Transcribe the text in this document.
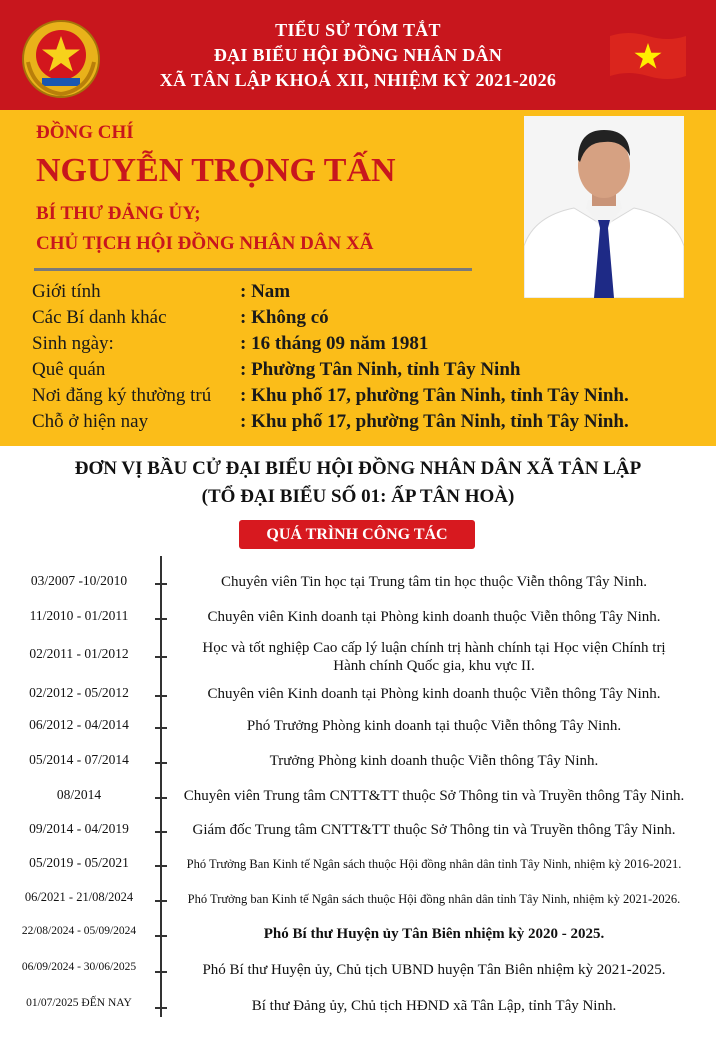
TIỂU SỬ TÓM TẮT
ĐẠI BIỂU HỘI ĐỒNG NHÂN DÂN
XÃ TÂN LẬP KHOÁ XII, NHIỆM KỲ 2021-2026
ĐỒNG CHÍ
NGUYỄN TRỌNG TẤN
BÍ THƯ ĐẢNG ỦY;
CHỦ TỊCH HỘI ĐỒNG NHÂN DÂN XÃ
Giới tính	: Nam
Các Bí danh khác	: Không có
Sinh ngày:	: 16 tháng 09 năm 1981
Quê quán	: Phường Tân Ninh, tỉnh Tây Ninh
Nơi đăng ký thường trú : Khu phố 17, phường Tân Ninh, tỉnh Tây Ninh.
Chỗ ở hiện nay	: Khu phố 17, phường Tân Ninh, tỉnh Tây Ninh.
ĐƠN VỊ BẦU CỬ ĐẠI BIỂU HỘI ĐỒNG NHÂN DÂN XÃ TÂN LẬP
(TỔ ĐẠI BIỂU SỐ 01: ẤP TÂN HOÀ)
QUÁ TRÌNH CÔNG TÁC
03/2007 -10/2010	Chuyên viên Tin học tại Trung tâm tin học thuộc Viễn thông Tây Ninh.
11/2010 - 01/2011	Chuyên viên Kinh doanh tại Phòng kinh doanh thuộc Viễn thông Tây Ninh.
02/2011 - 01/2012	Học và tốt nghiệp Cao cấp lý luận chính trị hành chính tại Học viện Chính trị Hành chính Quốc gia, khu vực II.
02/2012 - 05/2012	Chuyên viên Kinh doanh tại Phòng kinh doanh thuộc Viễn thông Tây Ninh.
06/2012 - 04/2014	Phó Trưởng Phòng kinh doanh tại thuộc Viễn thông Tây Ninh.
05/2014 - 07/2014	Trưởng Phòng kinh doanh thuộc Viễn thông Tây Ninh.
08/2014	Chuyên viên Trung tâm CNTT&TT thuộc Sở Thông tin và Truyền thông Tây Ninh.
09/2014 - 04/2019	Giám đốc Trung tâm CNTT&TT thuộc Sở Thông tin và Truyền thông Tây Ninh.
05/2019 - 05/2021	Phó Trưởng Ban Kinh tế Ngân sách thuộc Hội đồng nhân dân tỉnh Tây Ninh, nhiệm kỳ 2016-2021.
06/2021 - 21/08/2024	Phó Trưởng ban Kinh tế Ngân sách thuộc Hội đồng nhân dân tỉnh Tây Ninh, nhiệm kỳ 2021-2026.
22/08/2024 - 05/09/2024	Phó Bí thư Huyện ủy Tân Biên nhiệm kỳ 2020 - 2025.
06/09/2024 - 30/06/2025	Phó Bí thư Huyện ủy, Chủ tịch UBND huyện Tân Biên nhiệm kỳ 2021-2025.
01/07/2025 ĐẾN NAY	Bí thư Đảng ủy, Chủ tịch HĐND xã Tân Lập, tỉnh Tây Ninh.
